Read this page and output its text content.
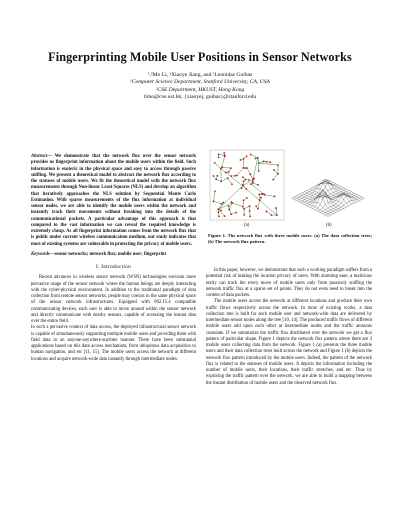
Fingerprinting Mobile User Positions in Sensor Networks
¹,²Mo Li, ¹Xiaoye Jiang, and ¹Leonidas Guibas
¹Computer Science Department, Stanford University, CA, USA
²CSE Department, HKUST, Hong Kong
limo@cse.ust.hk, {xiaoyej, guibas}@stanford.edu
Abstract— We demonstrate that the network flux over the sensor network provides us fingerprint information about the mobile users within the field. Such information is exoteric in the physical space and easy to access through passive sniffing. We present a theoretical model to abstract the network flux according to the statuses of mobile users. We fit the theoretical model with the network flux measurements through Non-linear Least Squares (NLS) and develop an algorithm that iteratively approaches the NLS solution by Sequential Monte Carlo Estimation. With sparse measurements of the flux information at individual sensor nodes, we are able to identify the mobile users within the network and instantly track their movements without breaking into the details of the communicational packets. A particular advantage of this approach is that compared to the vast information we can reveal the required knowledge is extremely cheap. As all fingerprint information comes from the network flux that is public under current wireless communication medium, our study indicates that most of existing systems are vulnerable in protecting the privacy of mobile users.
Keywords—sensor networks; network flux; mobile user; fingerprint
I. Introduction

Recent advances in wireless sensor network (WSN) technologies envision more pervasive usage of the sensor network where the human beings are deeply interacting with the cyber-physical environment. In addition to the traditional paradigm of data collection from remote sensor networks, people may coexist in the same physical space of the sensor network infrastructures. Equipped with 802.15.4 compatible communicating devices, each user is able to move around within the sensor network and directly communicate with nearby sensors, capable of accessing the instant data over the entire field.

In such a pervasive context of data access, the deployed infrastructural sensor network is capable of simultaneously supporting multiple mobile users and providing them with field data in an anyone-anywhere-anytime manner. There have been substantial applications based on this data access mechanism, from ubiquitous data acquisition to human navigation, and etc [11, 15]. The mobile users access the network at different locations and acquire network-wide data instantly through intermediate nodes.

(a)	(b)
Figure 1. The network flux with three mobile users. (a) The data collection trees; (b) The network flux pattern.

In this paper, however, we demonstrate that such a working paradigm suffers from a potential risk of leaking the location privacy of users. With alarming ease, a malicious entity can track the every move of mobile users only from passively sniffing the network traffic flux at a sparse set of points. They do not even need to break into the content of data packets.

The mobile users access the network at different locations and produce their own traffic flows respectively across the network. In most of existing works, a data collection tree is built for each mobile user and network-wide data are delivered by intermediate sensor nodes along the tree [10, 14]. The produced traffic flows of different mobile users add upon each other at intermediate nodes and the traffic amounts cumulate. If we summarize the traffic flux distributed over the network we get a flux pattern of particular shape. Figure 1 depicts the network flux pattern where there are 3 mobile users collecting data from the network. Figure 1 (a) presents the three mobile users and their data collection trees built across the network and Figure 1 (b) depicts the network flux pattern introduced by the mobile users. Indeed, the pattern of the network flux is related to the statuses of mobile users. It depicts the information including the number of mobile users, their locations, their traffic stretches, and etc. Thus by exploring the traffic pattern over the network, we are able to build a mapping between the instant distribution of mobile users and the observed network flux.
